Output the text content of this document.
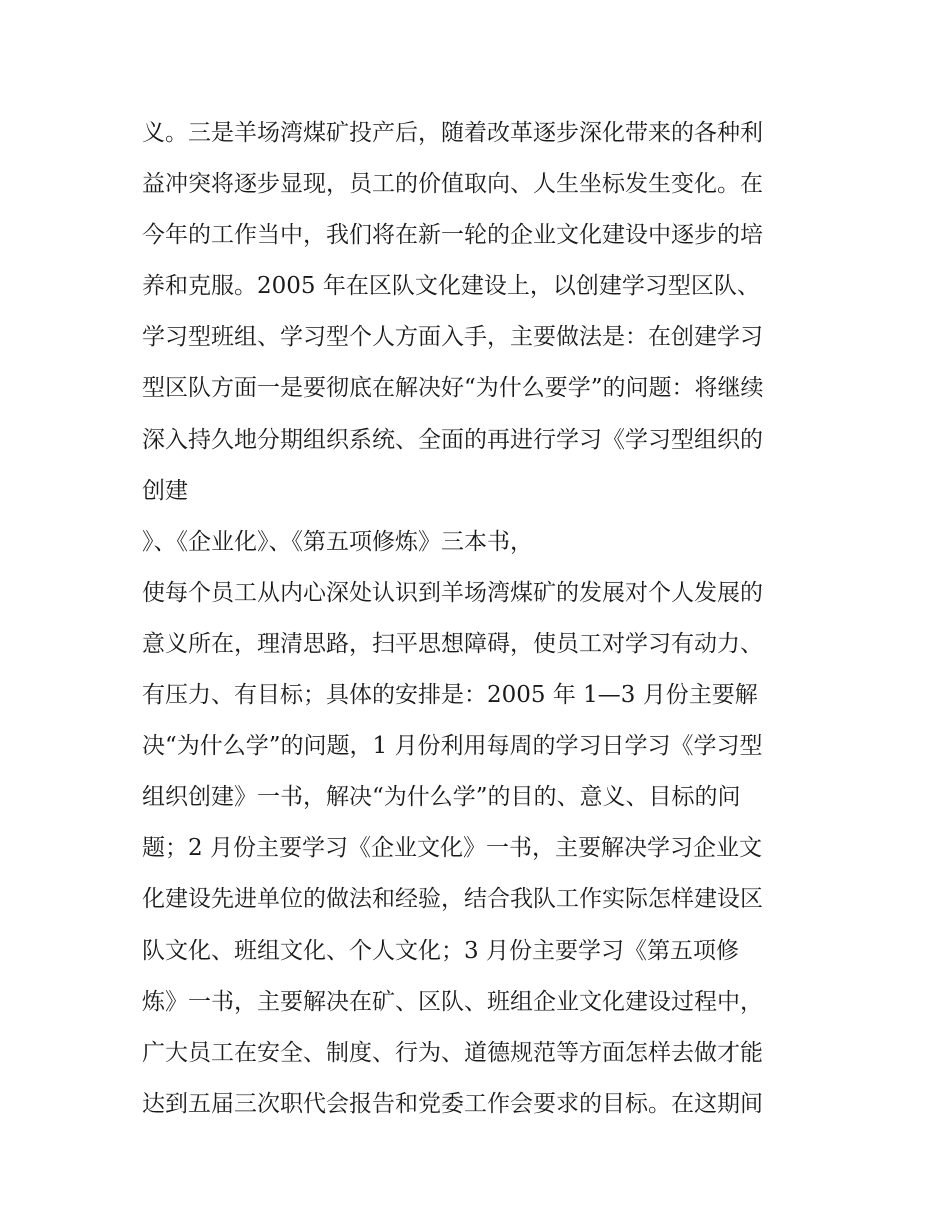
义。三是羊场湾煤矿投产后，随着改革逐步深化带来的各种利
益冲突将逐步显现，员工的价值取向、人生坐标发生变化。在
今年的工作当中，我们将在新一轮的企业文化建设中逐步的培
养和克服。2005 年在区队文化建设上，以创建学习型区队、
学习型班组、学习型个人方面入手，主要做法是：在创建学习
型区队方面一是要彻底在解决好“为什么要学”的问题：将继续
深入持久地分期组织系统、全面的再进行学习《学习型组织的
创建
》、《企业化》、《第五项修炼》三本书，
使每个员工从内心深处认识到羊场湾煤矿的发展对个人发展的
意义所在，理清思路，扫平思想障碍，使员工对学习有动力、
有压力、有目标；具体的安排是：2005 年 1—3 月份主要解
决“为什么学”的问题，1 月份利用每周的学习日学习《学习型
组织创建》一书，解决“为什么学”的目的、意义、目标的问
题；2 月份主要学习《企业文化》一书，主要解决学习企业文
化建设先进单位的做法和经验，结合我队工作实际怎样建设区
队文化、班组文化、个人文化；3 月份主要学习《第五项修
炼》一书，主要解决在矿、区队、班组企业文化建设过程中，
广大员工在安全、制度、行为、道德规范等方面怎样去做才能
达到五届三次职代会报告和党委工作会要求的目标。在这期间
